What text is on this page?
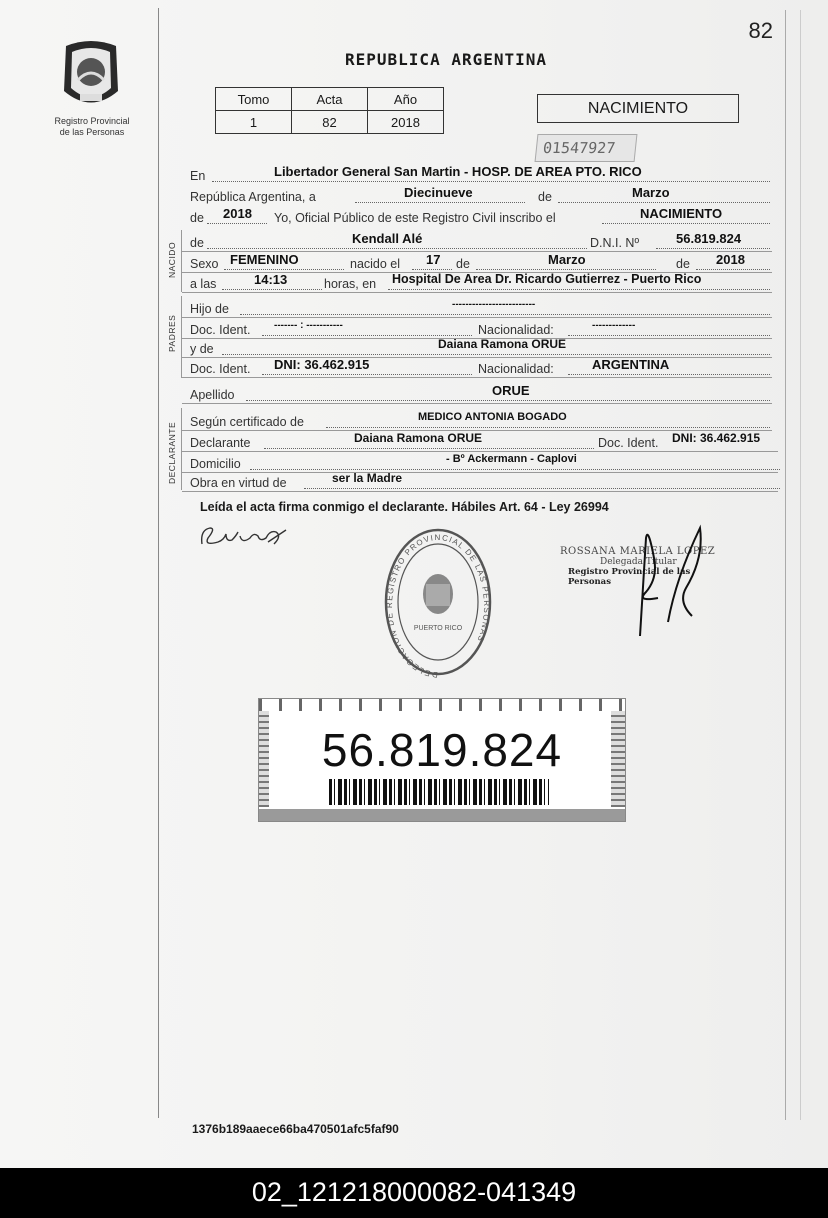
82
Registro Provincial
de las Personas
REPUBLICA ARGENTINA
Tomo	Acta	Año
1	82	2018
NACIMIENTO
01547927
En	Libertador General San Martin - HOSP. DE AREA PTO. RICO
República Argentina, a	Diecinueve	de	Marzo
de 2018 Yo, Oficial Público de este Registro Civil inscribo el	NACIMIENTO
NACIDO de	Kendall Alé	D.N.I. Nº	56.819.824
Sexo FEMENINO	nacido el 17 de	Marzo	de 2018
a las	14:13	horas, en Hospital De Area Dr. Ricardo Gutierrez - Puerto Rico
PADRES
Hijo de	-------------------------
Doc. Ident. ------- : -----------	Nacionalidad:	-------------
y de	Daiana Ramona ORUE
Doc. Ident. DNI: 36.462.915	Nacionalidad:	ARGENTINA
Apellido	ORUE
DECLARANTE Según certificado de	MEDICO ANTONIA BOGADO
Declarante	Daiana Ramona ORUE	Doc. Ident. DNI: 36.462.915
Domicilio	- Bº Ackermann - Caplovi
Obra en virtud de	ser la Madre
Leída el acta firma conmigo el declarante. Hábiles Art. 64 - Ley 26994
DELEGACION DE REGISTRO PROVINCIAL DE LAS PERSONAS
PUERTO RICO
ROSSANA MARIELA LOPEZ
Delegada Titular
Registro Provincial de las Personas
56.819.824
1376b189aaece66ba470501afc5faf90
02_121218000082-041349
